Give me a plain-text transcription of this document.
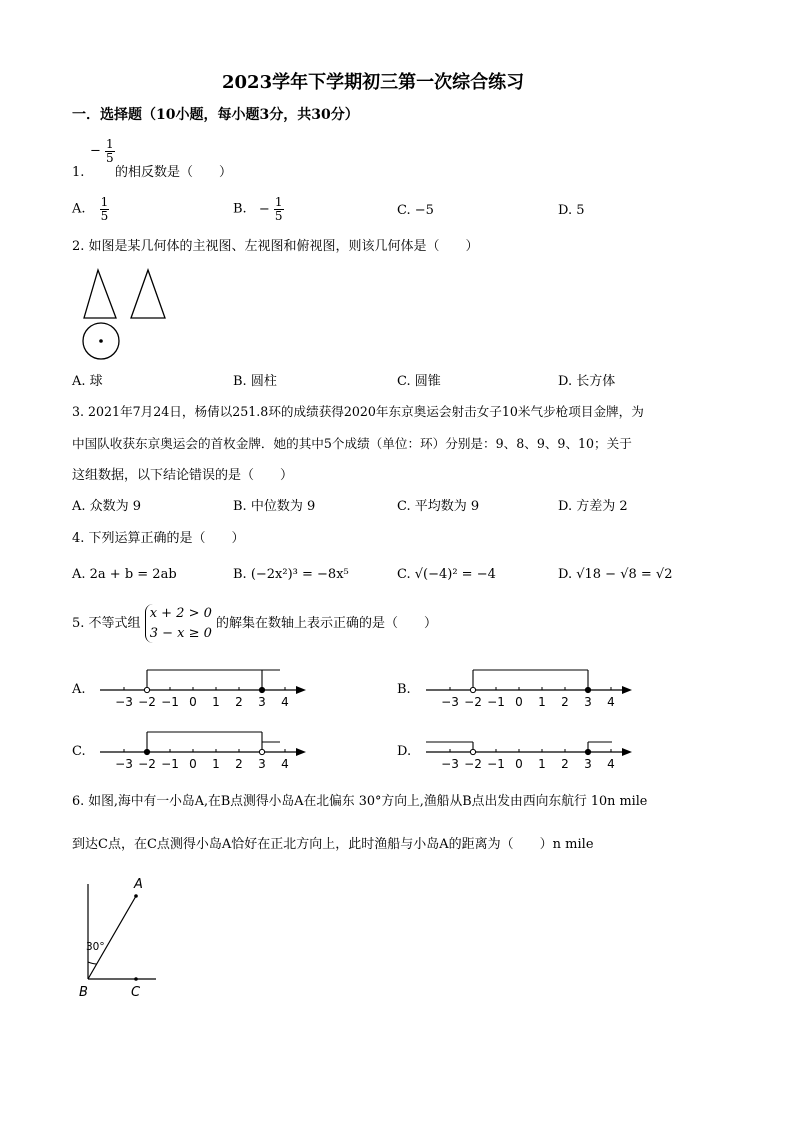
2023学年下学期初三第一次综合练习
一．选择题（10小题，每小题3分，共30分）
1.
− $\frac{1}{5}$
的相反数是（　　）
A. $\frac{1}{5}$	B. − $\frac{1}{5}$	C. −5	D. 5
2. 如图是某几何体的主视图、左视图和俯视图，则该几何体是（　　）
A. 球	B. 圆柱	C. 圆锥	D. 长方体
3. 2021年7月24日，杨倩以251.8环的成绩获得2020年东京奥运会射击女子10米气步枪项目金牌，为
中国队收获东京奥运会的首枚金牌．她的其中5个成绩（单位：环）分别是：9、8、9、9、10；关于
这组数据，以下结论错误的是（　　）
A. 众数为 9	B. 中位数为 9	C. 平均数为 9	D. 方差为 2
4. 下列运算正确的是（　　）
A. 2a + b = 2ab	B. (−2x²)³ = −8x⁵	C. √(−4)² = −4	D. √18 − √8 = √2
5. 不等式组
x + 2 > 0
3 − x ≥ 0
的解集在数轴上表示正确的是（　　）
A.	B.
C.	D.
−3 −2 −1 0 1 2 3 4	−3 −2 −1 0 1 2 3 4
−3 −2 −1 0 1 2 3 4	−3 −2 −1 0 1 2 3 4
6. 如图,海中有一小岛A,在B点测得小岛A在北偏东 30°方向上,渔船从B点出发由西向东航行 10n mile
到达C点，在C点测得小岛A恰好在正北方向上，此时渔船与小岛A的距离为（　　）n mile
A
B	C
30°
